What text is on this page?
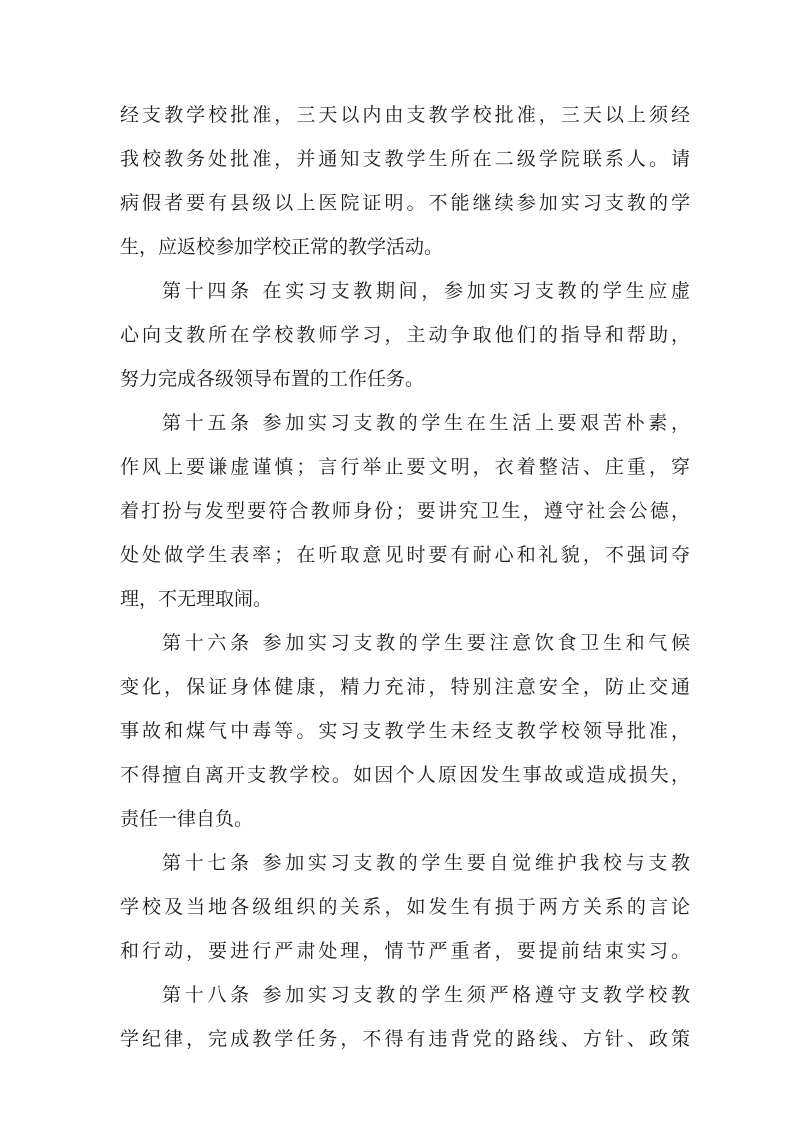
经支教学校批准，三天以内由支教学校批准，三天以上须经
我校教务处批准，并通知支教学生所在二级学院联系人。请
病假者要有县级以上医院证明。不能继续参加实习支教的学
生，应返校参加学校正常的教学活动。
第十四条 在实习支教期间，参加实习支教的学生应虚
心向支教所在学校教师学习，主动争取他们的指导和帮助，
努力完成各级领导布置的工作任务。
第十五条 参加实习支教的学生在生活上要艰苦朴素，
作风上要谦虚谨慎；言行举止要文明，衣着整洁、庄重，穿
着打扮与发型要符合教师身份；要讲究卫生，遵守社会公德，
处处做学生表率；在听取意见时要有耐心和礼貌，不强词夺
理，不无理取闹。
第十六条 参加实习支教的学生要注意饮食卫生和气候
变化，保证身体健康，精力充沛，特别注意安全，防止交通
事故和煤气中毒等。实习支教学生未经支教学校领导批准，
不得擅自离开支教学校。如因个人原因发生事故或造成损失，
责任一律自负。
第十七条 参加实习支教的学生要自觉维护我校与支教
学校及当地各级组织的关系，如发生有损于两方关系的言论
和行动，要进行严肃处理，情节严重者，要提前结束实习。
第十八条 参加实习支教的学生须严格遵守支教学校教
学纪律，完成教学任务，不得有违背党的路线、方针、政策
